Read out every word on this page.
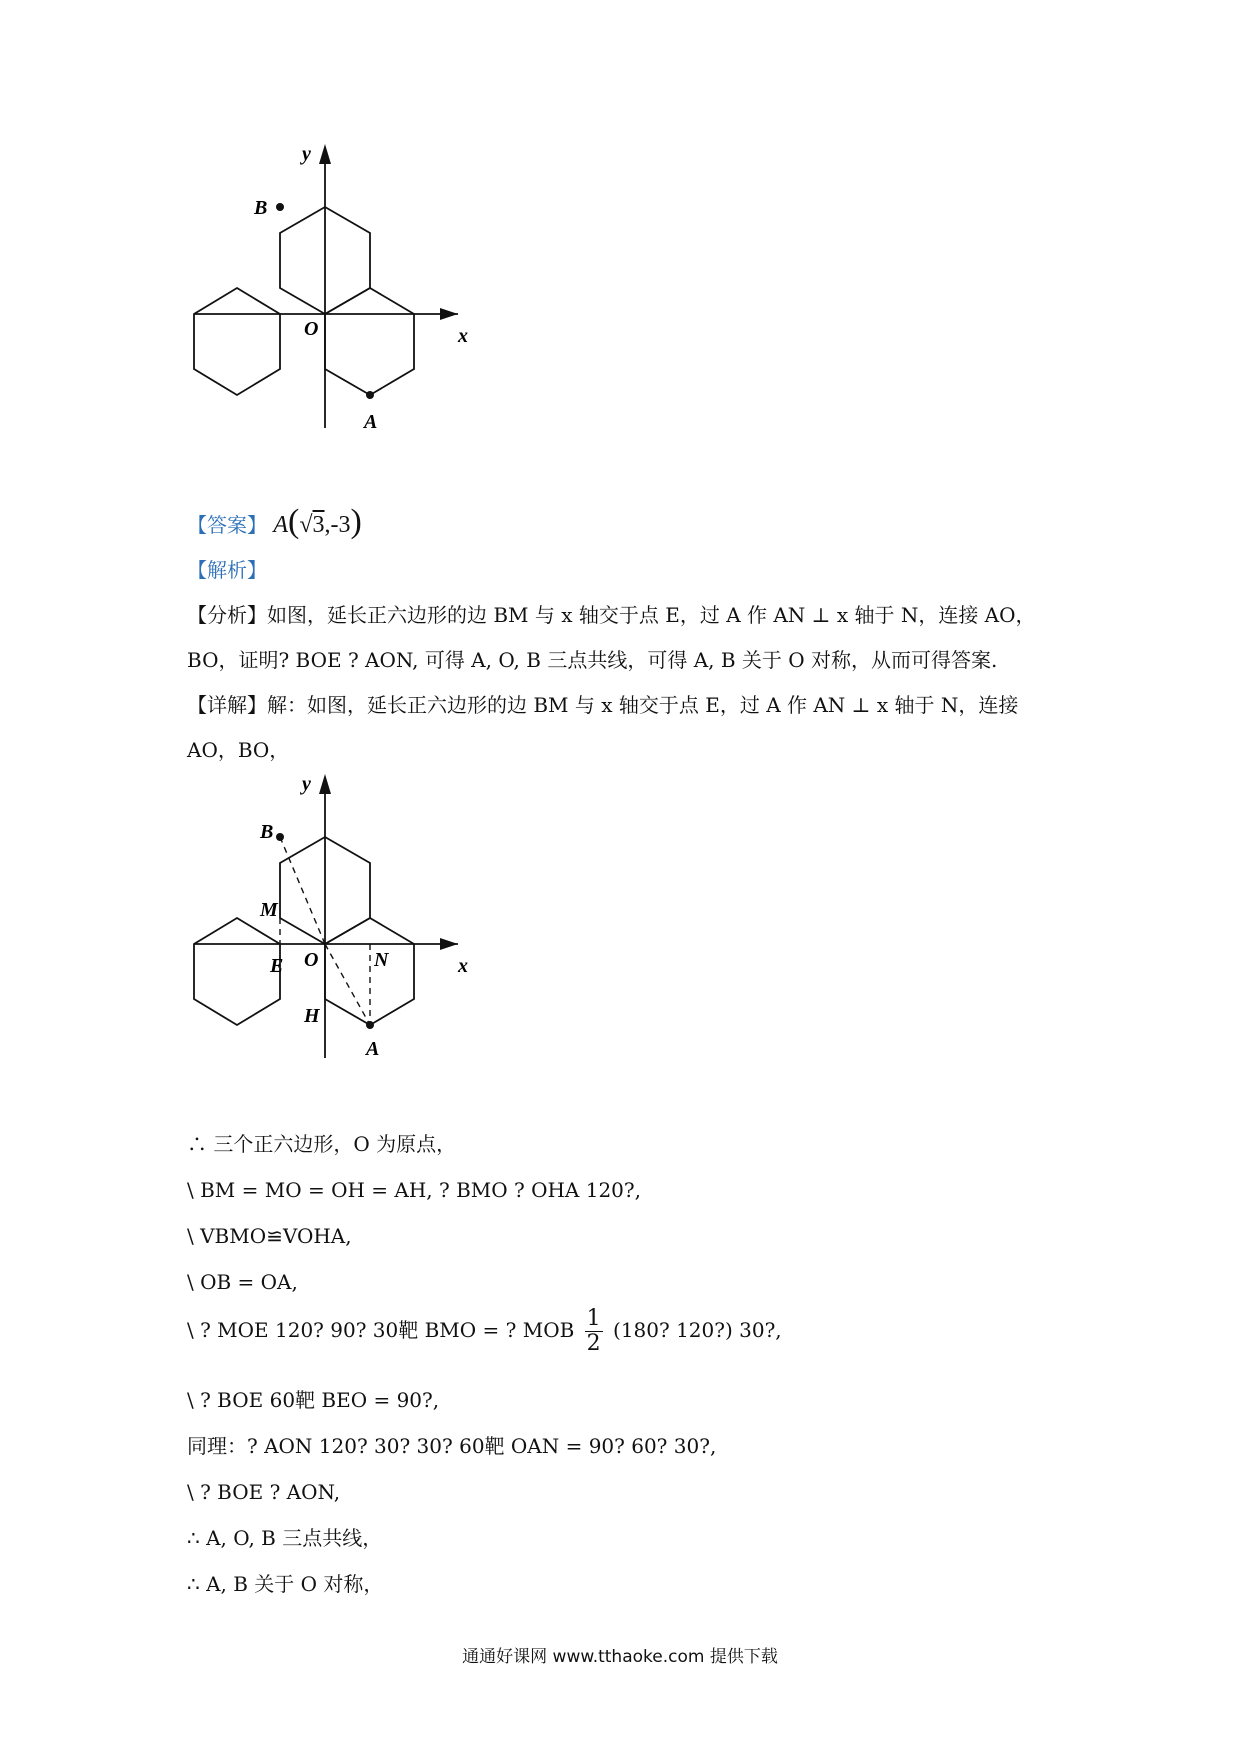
y
x
O
B
A
【答案】 A(√3,‑3)
【解析】
【分析】如图，延长正六边形的边 BM 与 x 轴交于点 E，过 A 作 AN ⊥ x 轴于 N，连接 AO，
BO，证明? BOE ? AON, 可得 A, O, B 三点共线，可得 A, B 关于 O 对称，从而可得答案.
【详解】解：如图，延长正六边形的边 BM 与 x 轴交于点 E，过 A 作 AN ⊥ x 轴于 N，连接
AO，BO，
y
x
O
B
A
M
E	N
H
∴ 三个正六边形，O 为原点，
\ BM = MO = OH = AH, ? BMO ? OHA 120?,
\ VBMO≌VOHA,
\ OB = OA,
\ ? MOE 120? 90? 30靶 BMO = ? MOB $\frac{1}{2} (180$? 120?) 30?,
\ ? BOE 60靶 BEO = 90?,
同理：? AON 120? 30? 30? 60靶 OAN = 90? 60? 30?,
\ ? BOE ? AON,
∴ A, O, B 三点共线，
∴ A, B 关于 O 对称，
通通好课网 www.tthaoke.com 提供下载
